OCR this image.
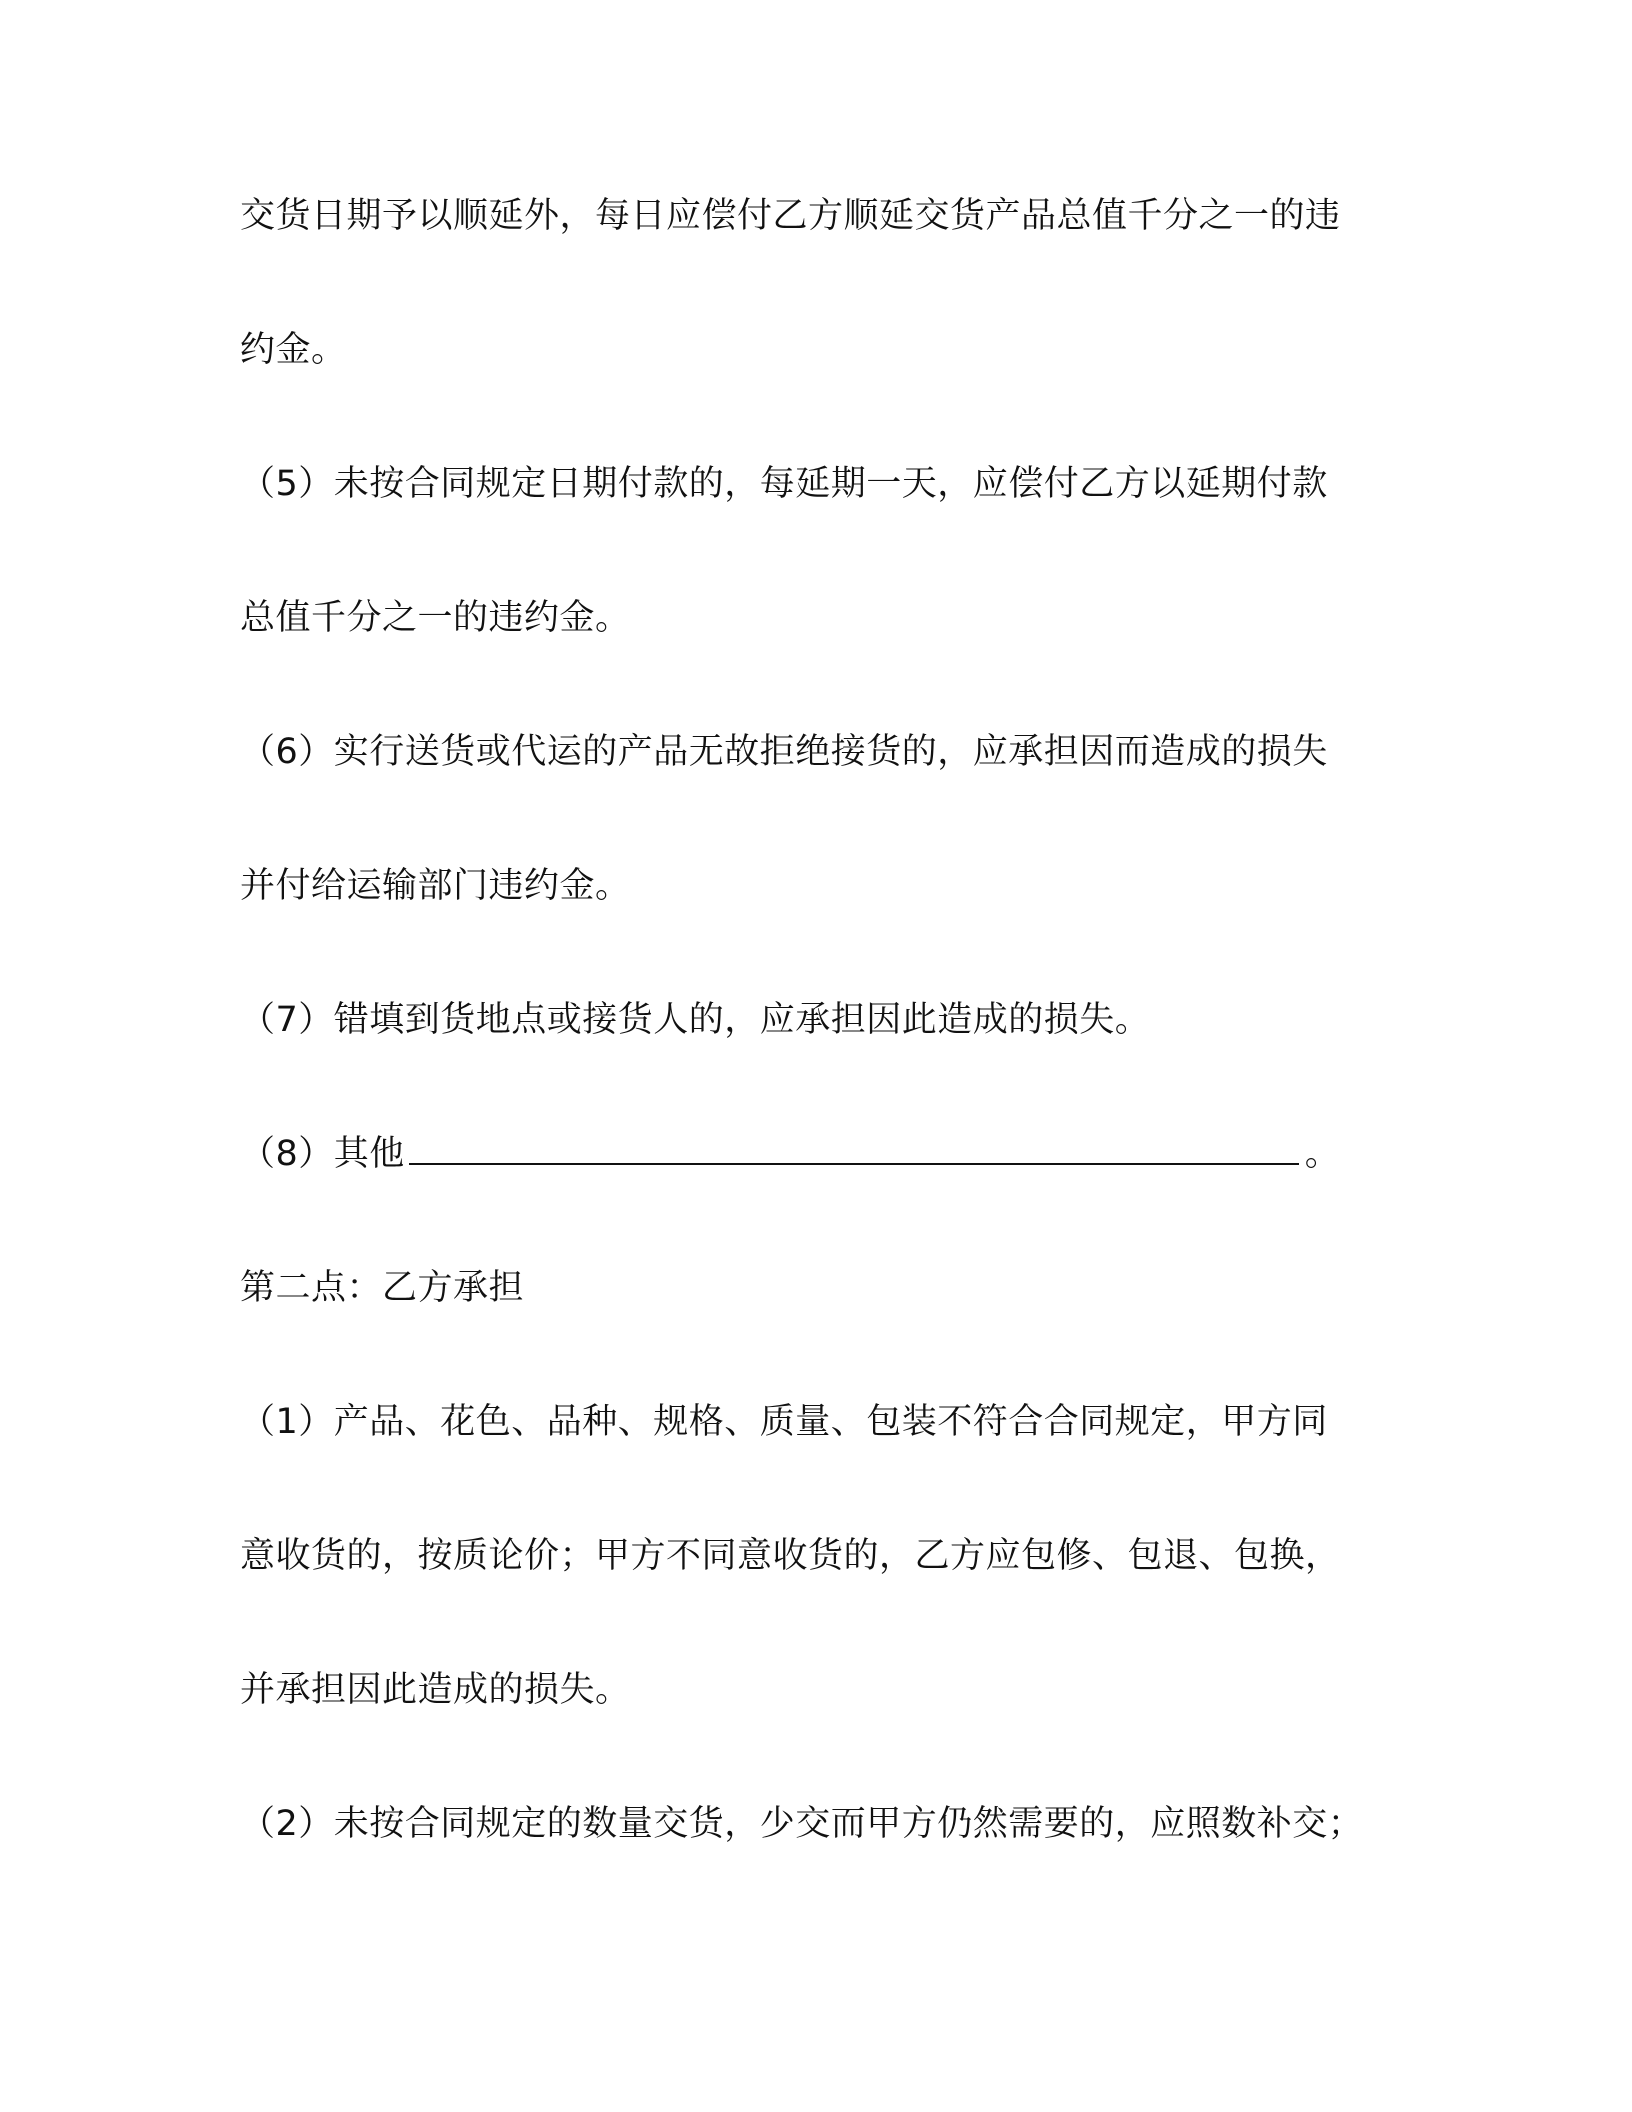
交货日期予以顺延外，每日应偿付乙方顺延交货产品总值千分之一的违
约金。
（5）未按合同规定日期付款的，每延期一天，应偿付乙方以延期付款
总值千分之一的违约金。
（6）实行送货或代运的产品无故拒绝接货的，应承担因而造成的损失
并付给运输部门违约金。
（7）错填到货地点或接货人的，应承担因此造成的损失。
（8）其他	。
第二点：乙方承担
（1）产品、花色、品种、规格、质量、包装不符合合同规定，甲方同
意收货的，按质论价；甲方不同意收货的，乙方应包修、包退、包换，
并承担因此造成的损失。
（2）未按合同规定的数量交货，少交而甲方仍然需要的，应照数补交；
